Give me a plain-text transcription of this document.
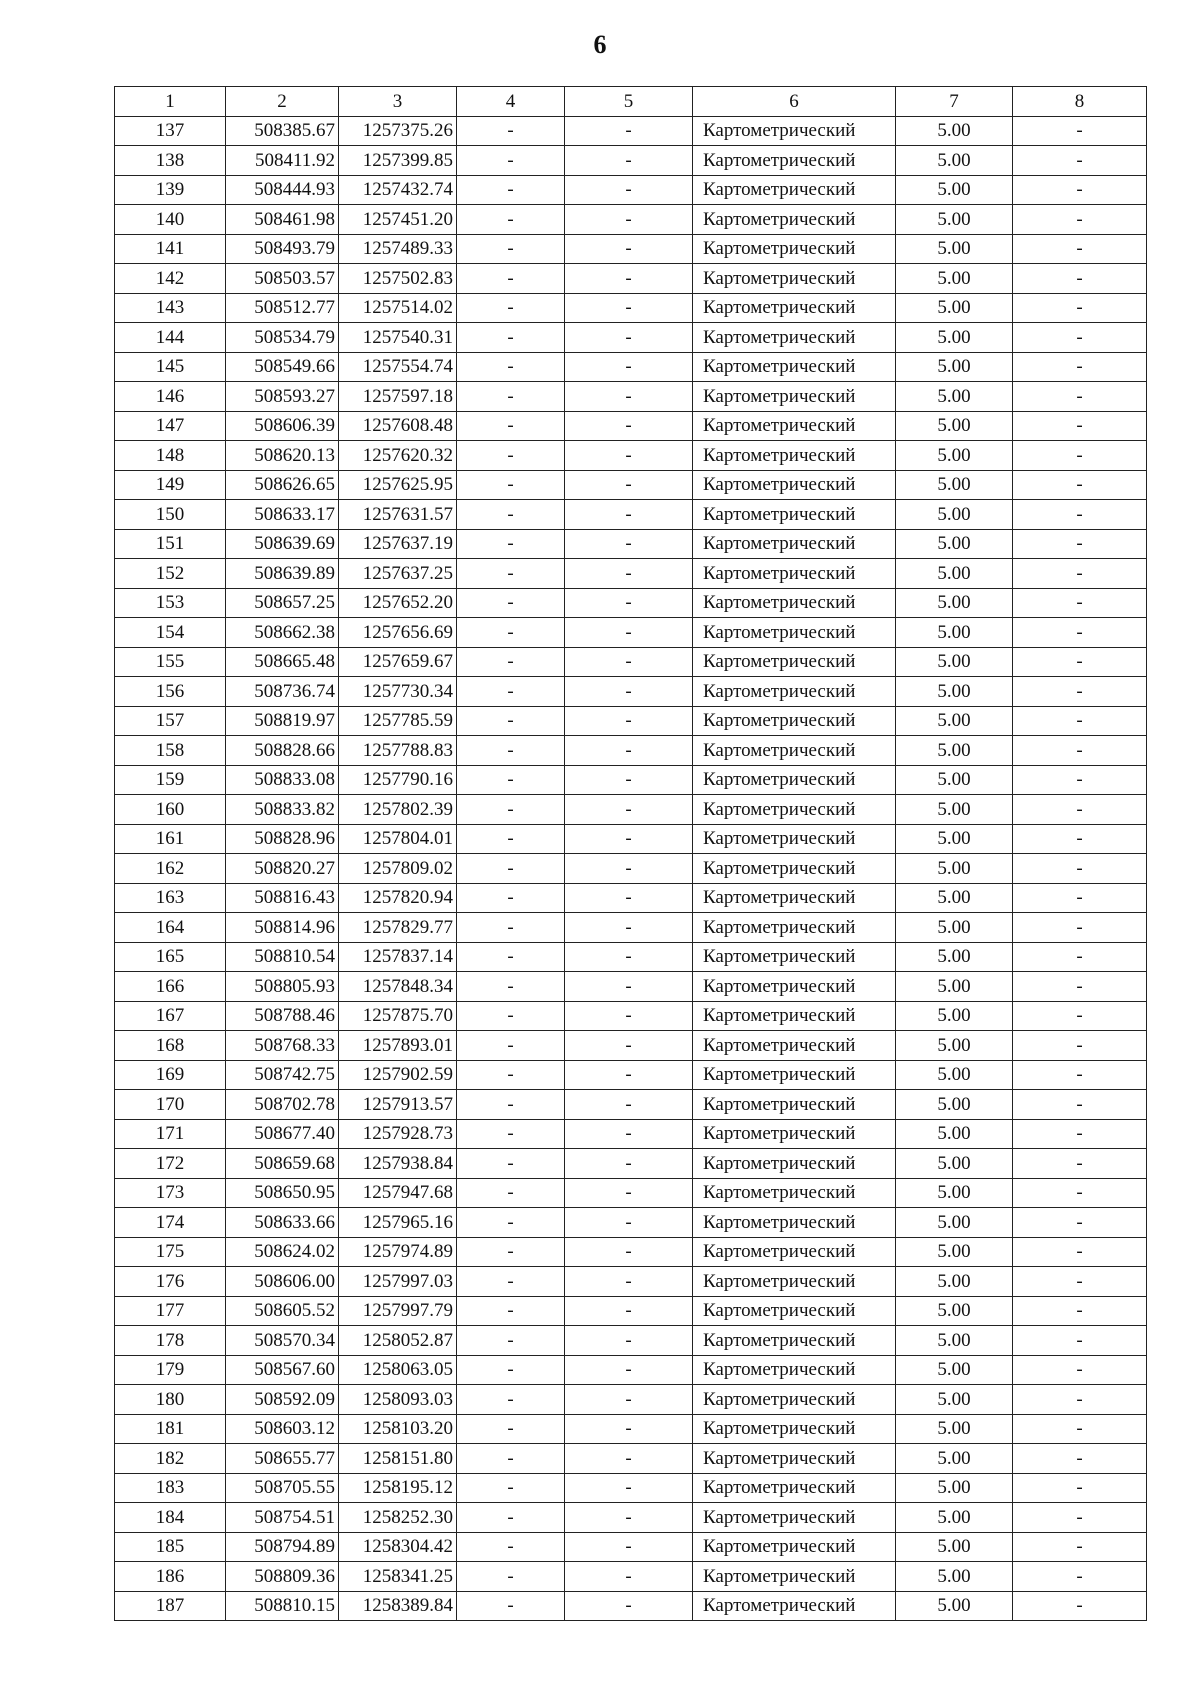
6
1	2	3	4	5	6	7	8
137	508385.67	1257375.26	-	-	Картометрический	5.00	-
138	508411.92	1257399.85	-	-	Картометрический	5.00	-
139	508444.93	1257432.74	-	-	Картометрический	5.00	-
140	508461.98	1257451.20	-	-	Картометрический	5.00	-
141	508493.79	1257489.33	-	-	Картометрический	5.00	-
142	508503.57	1257502.83	-	-	Картометрический	5.00	-
143	508512.77	1257514.02	-	-	Картометрический	5.00	-
144	508534.79	1257540.31	-	-	Картометрический	5.00	-
145	508549.66	1257554.74	-	-	Картометрический	5.00	-
146	508593.27	1257597.18	-	-	Картометрический	5.00	-
147	508606.39	1257608.48	-	-	Картометрический	5.00	-
148	508620.13	1257620.32	-	-	Картометрический	5.00	-
149	508626.65	1257625.95	-	-	Картометрический	5.00	-
150	508633.17	1257631.57	-	-	Картометрический	5.00	-
151	508639.69	1257637.19	-	-	Картометрический	5.00	-
152	508639.89	1257637.25	-	-	Картометрический	5.00	-
153	508657.25	1257652.20	-	-	Картометрический	5.00	-
154	508662.38	1257656.69	-	-	Картометрический	5.00	-
155	508665.48	1257659.67	-	-	Картометрический	5.00	-
156	508736.74	1257730.34	-	-	Картометрический	5.00	-
157	508819.97	1257785.59	-	-	Картометрический	5.00	-
158	508828.66	1257788.83	-	-	Картометрический	5.00	-
159	508833.08	1257790.16	-	-	Картометрический	5.00	-
160	508833.82	1257802.39	-	-	Картометрический	5.00	-
161	508828.96	1257804.01	-	-	Картометрический	5.00	-
162	508820.27	1257809.02	-	-	Картометрический	5.00	-
163	508816.43	1257820.94	-	-	Картометрический	5.00	-
164	508814.96	1257829.77	-	-	Картометрический	5.00	-
165	508810.54	1257837.14	-	-	Картометрический	5.00	-
166	508805.93	1257848.34	-	-	Картометрический	5.00	-
167	508788.46	1257875.70	-	-	Картометрический	5.00	-
168	508768.33	1257893.01	-	-	Картометрический	5.00	-
169	508742.75	1257902.59	-	-	Картометрический	5.00	-
170	508702.78	1257913.57	-	-	Картометрический	5.00	-
171	508677.40	1257928.73	-	-	Картометрический	5.00	-
172	508659.68	1257938.84	-	-	Картометрический	5.00	-
173	508650.95	1257947.68	-	-	Картометрический	5.00	-
174	508633.66	1257965.16	-	-	Картометрический	5.00	-
175	508624.02	1257974.89	-	-	Картометрический	5.00	-
176	508606.00	1257997.03	-	-	Картометрический	5.00	-
177	508605.52	1257997.79	-	-	Картометрический	5.00	-
178	508570.34	1258052.87	-	-	Картометрический	5.00	-
179	508567.60	1258063.05	-	-	Картометрический	5.00	-
180	508592.09	1258093.03	-	-	Картометрический	5.00	-
181	508603.12	1258103.20	-	-	Картометрический	5.00	-
182	508655.77	1258151.80	-	-	Картометрический	5.00	-
183	508705.55	1258195.12	-	-	Картометрический	5.00	-
184	508754.51	1258252.30	-	-	Картометрический	5.00	-
185	508794.89	1258304.42	-	-	Картометрический	5.00	-
186	508809.36	1258341.25	-	-	Картометрический	5.00	-
187	508810.15	1258389.84	-	-	Картометрический	5.00	-
